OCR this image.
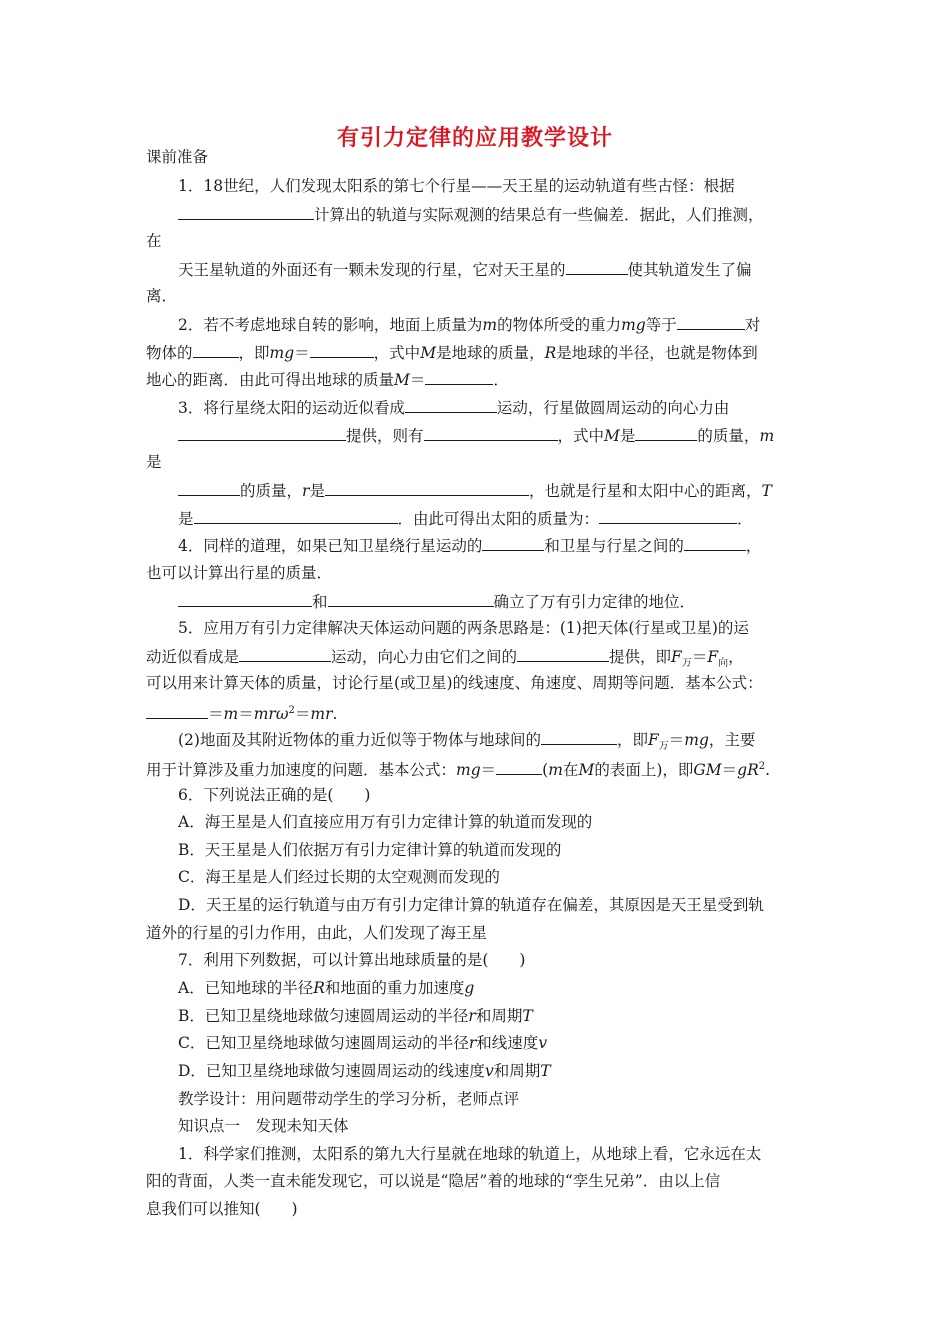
有引力定律的应用教学设计
课前准备
1．18世纪，人们发现太阳系的第七个行星——天王星的运动轨道有些古怪：根据
计算出的轨道与实际观测的结果总有一些偏差．据此，人们推测，
在
天王星轨道的外面还有一颗未发现的行星，它对天王星的	使其轨道发生了偏
离．
2．若不考虑地球自转的影响，地面上质量为m的物体所受的重力mg等于	对
物体的	，即mg＝	，式中M是地球的质量，R是地球的半径，也就是物体到
地心的距离．由此可得出地球的质量M＝	．
3．将行星绕太阳的运动近似看成	运动，行星做圆周运动的向心力由
提供，则有	，式中M是	的质量，m
是
的质量，r是	，也就是行星和太阳中心的距离，T
是	．由此可得出太阳的质量为：	．
4．同样的道理，如果已知卫星绕行星运动的	和卫星与行星之间的	，
也可以计算出行星的质量．
和	确立了万有引力定律的地位．
5．应用万有引力定律解决天体运动问题的两条思路是：(1)把天体(行星或卫星)的运
动近似看成是	运动，向心力由它们之间的	提供，即$F_万=F_向$，
可以用来计算天体的质量，讨论行星(或卫星)的线速度、角速度、周期等问题．基本公式：
＝m＝mrω$^2$＝mr.
(2)地面及其附近物体的重力近似等于物体与地球间的	，即$F_万=mg$，主要
用于计算涉及重力加速度的问题．基本公式：mg＝	(m在M的表面上)，即$GM=gR^2$.
6．下列说法正确的是(　　)
A．海王星是人们直接应用万有引力定律计算的轨道而发现的
B．天王星是人们依据万有引力定律计算的轨道而发现的
C．海王星是人们经过长期的太空观测而发现的
D．天王星的运行轨道与由万有引力定律计算的轨道存在偏差，其原因是天王星受到轨
道外的行星的引力作用，由此，人们发现了海王星
7．利用下列数据，可以计算出地球质量的是(　　)
A．已知地球的半径R和地面的重力加速度g
B．已知卫星绕地球做匀速圆周运动的半径r和周期T
C．已知卫星绕地球做匀速圆周运动的半径r和线速度v
D．已知卫星绕地球做匀速圆周运动的线速度v和周期T
教学设计：用问题带动学生的学习分析，老师点评
知识点一　发现未知天体
1．科学家们推测，太阳系的第九大行星就在地球的轨道上，从地球上看，它永远在太
阳的背面，人类一直未能发现它，可以说是“隐居”着的地球的“孪生兄弟”．由以上信
息我们可以推知(　　)
